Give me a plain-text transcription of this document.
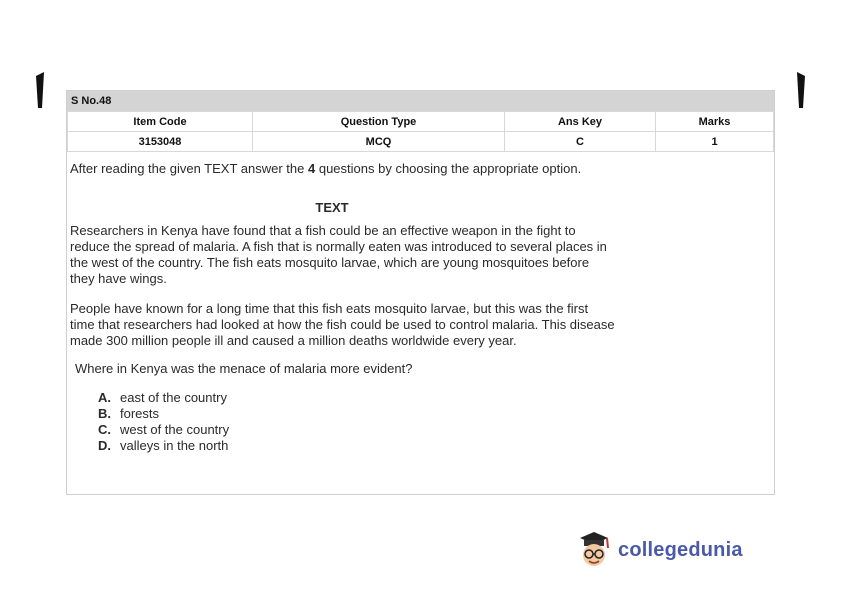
S No.48
Item Code	Question Type	Ans Key	Marks
3153048	MCQ	C	1
After reading the given TEXT answer the 4 questions by choosing the appropriate option.
TEXT
Researchers in Kenya have found that a fish could be an effective weapon in the fight to reduce the spread of malaria. A fish that is normally eaten was introduced to several places in the west of the country. The fish eats mosquito larvae, which are young mosquitoes before they have wings.
People have known for a long time that this fish eats mosquito larvae, but this was the first time that researchers had looked at how the fish could be used to control malaria. This disease made 300 million people ill and caused a million deaths worldwide every year.
Where in Kenya was the menace of malaria more evident?
A. east of the country
B. forests
C. west of the country
D. valleys in the north
collegedunia
